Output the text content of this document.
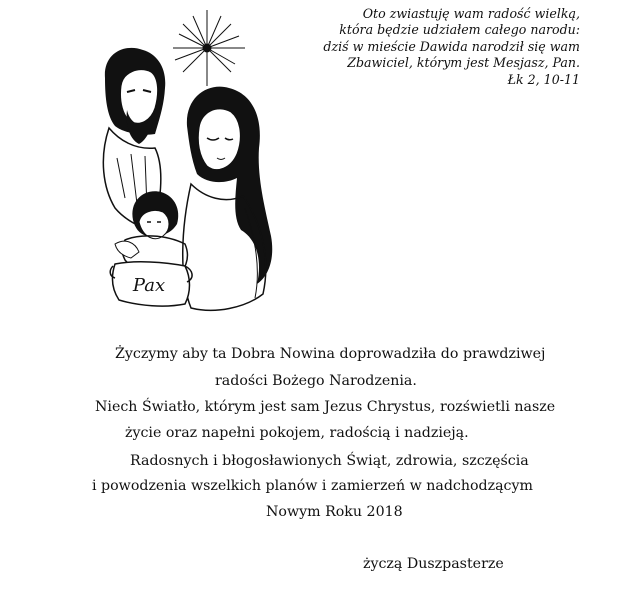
Pax
Oto zwiastuję wam radość wielką,
która będzie udziałem całego narodu:
dziś w mieście Dawida narodził się wam
Zbawiciel, którym jest Mesjasz, Pan.
Łk 2, 10-11
Życzymy aby ta Dobra Nowina doprowadziła do prawdziwej
radości Bożego Narodzenia.
Niech Światło, którym jest sam Jezus Chrystus, rozświetli nasze
życie oraz napełni pokojem, radością i nadzieją.
Radosnych i błogosławionych Świąt, zdrowia, szczęścia
i powodzenia wszelkich planów i zamierzeń w nadchodzącym
Nowym Roku 2018
życzą Duszpasterze
